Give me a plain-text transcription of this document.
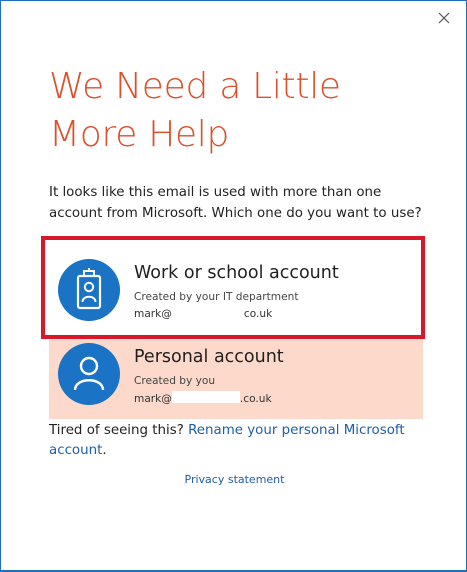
We Need a Little
More Help

It looks like this email is used with more than one account from Microsoft. Which one do you want to use?

Work or school account
Created by your IT department
mark@	co.uk
Personal account
Created by you
mark@	.co.uk

Tired of seeing this? Rename your personal Microsoft account.

Privacy statement
